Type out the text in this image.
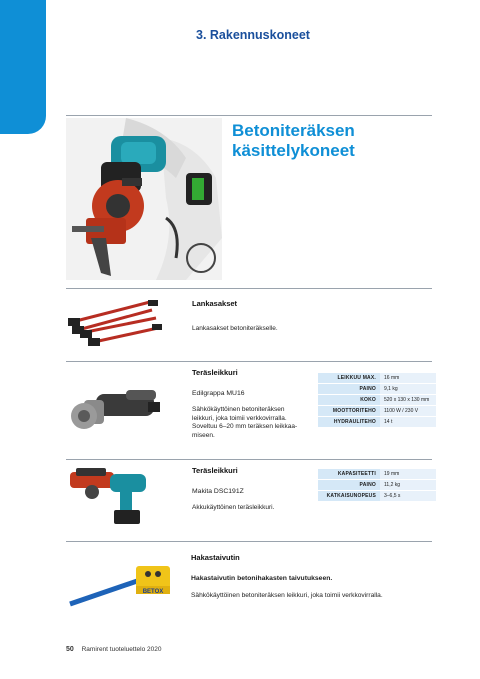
3. Rakennuskoneet
Betoniteräksen
käsittelykoneet
Lankasakset
Lankasakset betoniteräkselle.
Teräsleikkuri
Edilgrappa MU16
Sähkökäyttöinen betoniteräksen
leikkuri, joka toimii verkkovirralla.
Soveltuu 6–20 mm teräksen leikkaa-
miseen.
LEIKKUU MAX.	16 mm
PAINO	9,1 kg
KOKO	520 x 130 x 130 mm
MOOTTORITEHO	1100 W / 230 V
HYDRAULITEHO	14 t
Teräsleikkuri
Makita DSC191Z
Akkukäyttöinen teräsleikkuri.
KAPASITEETTI	19 mm
PAINO	11,2 kg
KATKAISUNOPEUS	3–6,5 s
BETOX
Hakastaivutin
Hakastaivutin betonihakasten taivutukseen.
Sähkökäyttöinen betoniteräksen leikkuri, joka toimii verkkovirralla.
50 Ramirent tuoteluettelo 2020
